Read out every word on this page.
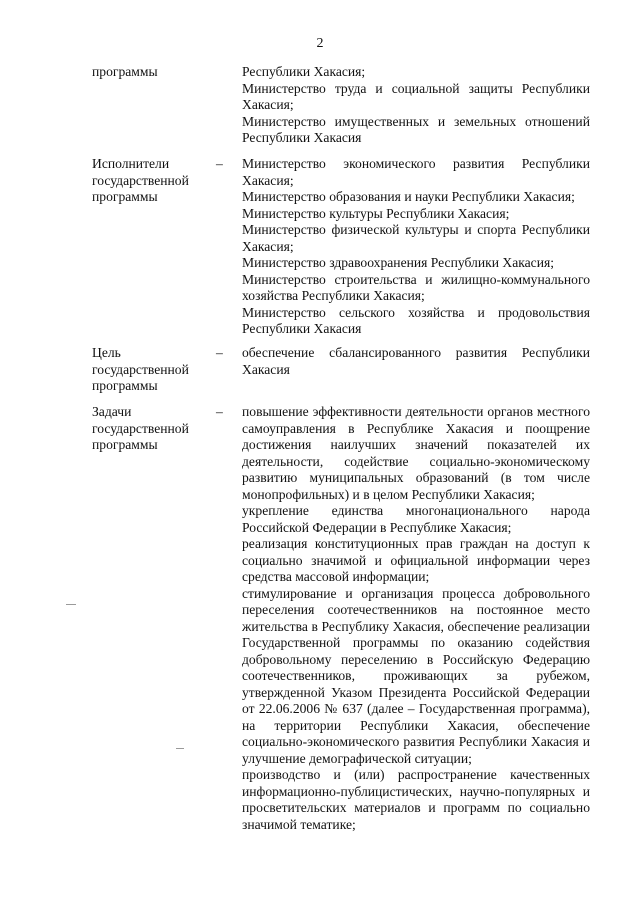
2
программы	Республики Хакасия;
Министерство труда и социальной защиты Республики Хакасия;
Министерство имущественных и земельных отношений Республики Хакасия
Исполнители
государственной
программы
– Министерство экономического развития Республики Хакасия;
Министерство образования и науки Республики Хакасия;
Министерство культуры Республики Хакасия;
Министерство физической культуры и спорта Республики Хакасия;
Министерство здравоохранения Республики Хакасия;
Министерство строительства и жилищно-коммунального хозяйства Республики Хакасия;
Министерство сельского хозяйства и продовольствия Республики Хакасия
Цель
государственной
программы
– обеспечение сбалансированного развития Республики Хакасия
Задачи
государственной
программы
– повышение эффективности деятельности органов местного самоуправления в Республике Хакасия и поощрение достижения наилучших значений показателей их деятельности, содействие социально-экономическому развитию муниципальных образований (в том числе монопрофильных) и в целом Республики Хакасия;
укрепление единства многонационального народа Российской Федерации в Республике Хакасия;
реализация конституционных прав граждан на доступ к социально значимой и официальной информации через средства массовой информации;
стимулирование и организация процесса добровольного переселения соотечественников на постоянное место жительства в Республику Хакасия, обеспечение реализации Государственной программы по оказанию содействия добровольному переселению в Российскую Федерацию соотечественников, проживающих за рубежом, утвержденной Указом Президента Российской Федерации от 22.06.2006 № 637 (далее – Государственная программа), на территории Республики Хакасия, обеспечение социально-экономического развития Республики Хакасия и улучшение демографической ситуации;
производство и (или) распространение качественных информационно-публицистических, научно-популярных и просветительских материалов и программ по социально значимой тематике;
